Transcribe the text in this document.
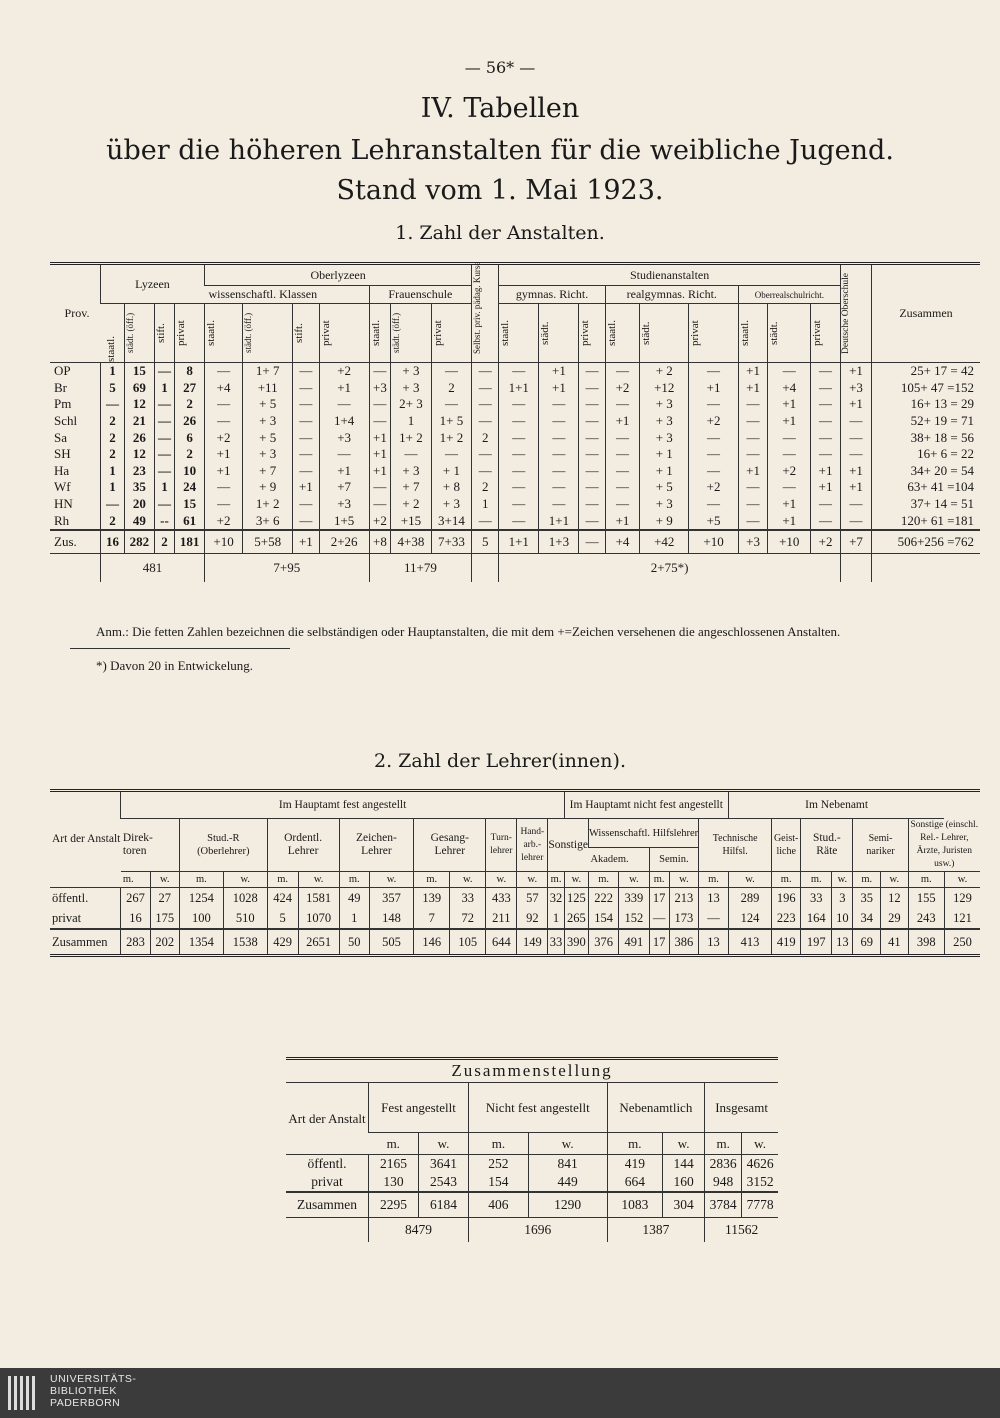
— 56* —
IV. Tabellen
über die höheren Lehranstalten für die weibliche Jugend.
Stand vom 1. Mai 1923.
1. Zahl der Anstalten.
Prov.	Lyzeen				Oberlyzeen							Selbst. priv. pädag. Kurse	Studienanstalten									Deutsche Oberschule	Zusammen
					wissenschaftl. Klassen				Frauenschule				gymnas. Richt.			realgymnas. Richt.			Oberrealschulricht.				

	staatl.	städt. (öff.)	stift.	privat	staatl.	städt. (öff.)	stift.	privat	staatl.	städt. (öff.)	privat		staatl.	städt.	privat	staatl.	städt.	privat	staatl.	städt.	privat		

OP	1	15	—	8	—	1+ 7	—	+2	—	+ 3	—	—	—	+1	—	—	+ 2	—	+1	—	—	+1	25+ 17 = 42
Br	5	69	1	27	+4	+11	—	+1	+3	+ 3	2	—	1+1	+1	—	+2	+12	+1	+1	+4	—	+3	105+ 47 =152
Pm	—	12	—	2	—	+ 5	—	—	—	2+ 3	—	—	—	—	—	—	+ 3	—	—	+1	—	+1	16+ 13 = 29
Schl	2	21	—	26	—	+ 3	—	1+4	—	1	1+ 5	—	—	—	—	+1	+ 3	+2	—	+1	—	—	52+ 19 = 71
Sa	2	26	—	6	+2	+ 5	—	+3	+1	1+ 2	1+ 2	2	—	—	—	—	+ 3	—	—	—	—	—	38+ 18 = 56
SH	2	12	—	2	+1	+ 3	—	—	+1	—	—	—	—	—	—	—	+ 1	—	—	—	—	—	16+ 6 = 22
Ha	1	23	—	10	+1	+ 7	—	+1	+1	+ 3	+ 1	—	—	—	—	—	+ 1	—	+1	+2	+1	+1	34+ 20 = 54
Wf	1	35	1	24	—	+ 9	+1	+7	—	+ 7	+ 8	2	—	—	—	—	+ 5	+2	—	—	+1	+1	63+ 41 =104
HN	—	20	—	15	—	1+ 2	—	+3	—	+ 2	+ 3	1	—	—	—	—	+ 3	—	—	+1	—	—	37+ 14 = 51
Rh	2	49	--	61	+2	3+ 6	—	1+5	+2	+15	3+14	—	—	1+1	—	+1	+ 9	+5	—	+1	—	—	120+ 61 =181
Zus.	16	282	2	181	+10	5+58	+1	2+26	+8	4+38	7+33	5	1+1	1+3	—	+4	+42	+10	+3	+10	+2	+7	506+256 =762
	481				7+95				11+79				2+75*)										
Anm.: Die fetten Zahlen bezeichnen die selbständigen oder Hauptanstalten, die mit dem +=Zeichen versehenen die angeschlossenen Anstalten.
*) Davon 20 in Entwickelung.
2. Zahl der Lehrer(innen).
Art der Anstalt	Im Hauptamt fest angestellt													Im Hauptamt nicht fest angestellt						Im Nebenamt							
	Direk- toren		Stud.-R (Oberlehrer)		Ordentl. Lehrer		Zeichen- Lehrer		Gesang- Lehrer		Turn- lehrer	Hand- arb.- lehrer	Sonstige		Wissenschaftl. Hilfslehrer				Technische Hilfsl.		Geist- liche	Stud.- Räte		Semi- nariker		Sonstige (einschl. Rel.- Lehrer, Ärzte, Juristen usw.)	
															Akadem.		Semin.										
	m.	w.	m.	w.	m.	w.	m.	w.	m.	w.	w.	w.	m.	w.	m.	w.	m.	w.	m.	w.	m.	m.	w.	m.	w.	m.	w.
öffentl.	267	27	1254	1028	424	1581	49	357	139	33	433	57	32	125	222	339	17	213	13	289	196	33	3	35	12	155	129
privat	16	175	100	510	5	1070	1	148	7	72	211	92	1	265	154	152	—	173	—	124	223	164	10	34	29	243	121
Zusammen	283	202	1354	1538	429	2651	50	505	146	105	644	149	33	390	376	491	17	386	13	413	419	197	13	69	41	398	250
Zusammenstellung								
Art der Anstalt	Fest angestellt		Nicht fest angestellt		Nebenamtlich		Insgesamt	
	m.	w.	m.	w.	m.	w.	m.	w.
öffentl.	2165	3641	252	841	419	144	2836	4626
privat	130	2543	154	449	664	160	948	3152
Zusammen	2295	6184	406	1290	1083	304	3784	7778
	8479		1696		1387		11562	
UNIVERSITÄTS-
BIBLIOTHEK
PADERBORN
